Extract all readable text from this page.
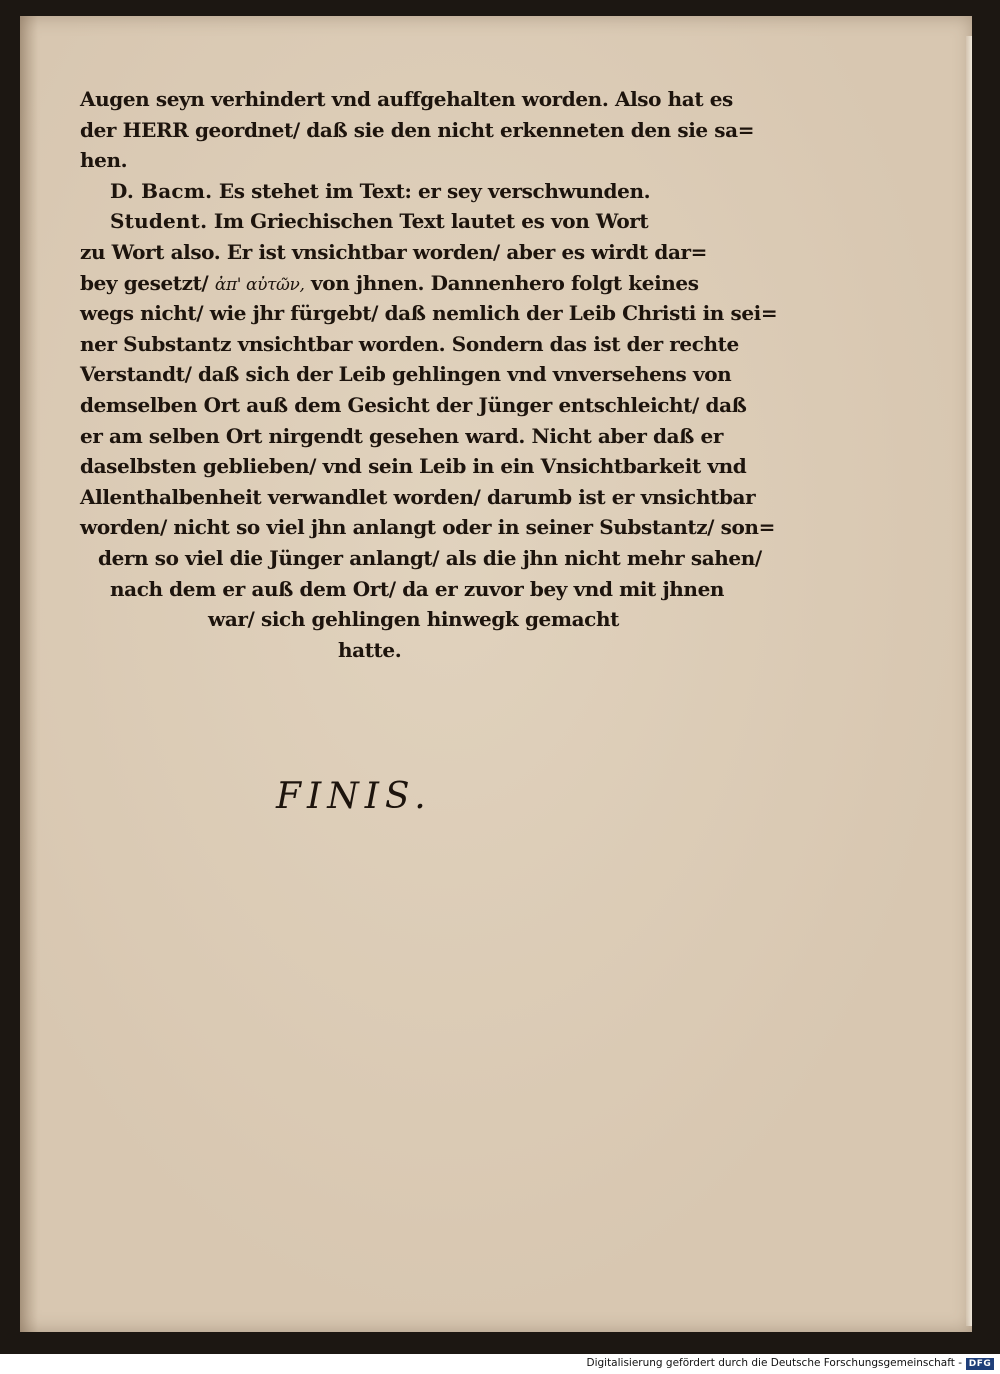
Augen seyn verhindert vnd auffgehalten worden. Also hat es
der HERR geordnet/ daß sie den nicht erkenneten den sie sa=
hen.
D. Bacm. Es stehet im Text: er sey verschwunden.
Student. Im Griechischen Text lautet es von Wort
zu Wort also. Er ist vnsichtbar worden/ aber es wirdt dar=
bey gesetzt/ ἀπ' αὐτῶν, von jhnen. Dannenhero folgt keines
wegs nicht/ wie jhr fürgebt/ daß nemlich der Leib Christi in sei=
ner Substantz vnsichtbar worden. Sondern das ist der rechte
Verstandt/ daß sich der Leib gehlingen vnd vnversehens von
demselben Ort auß dem Gesicht der Jünger entschleicht/ daß
er am selben Ort nirgendt gesehen ward. Nicht aber daß er
daselbsten geblieben/ vnd sein Leib in ein Vnsichtbarkeit vnd
Allenthalbenheit verwandlet worden/ darumb ist er vnsichtbar
worden/ nicht so viel jhn anlangt oder in seiner Substantz/ son=
dern so viel die Jünger anlangt/ als die jhn nicht mehr sahen/
nach dem er auß dem Ort/ da er zuvor bey vnd mit jhnen
war/ sich gehlingen hinwegk gemacht
hatte.
FINIS.
Digitalisierung gefördert durch die Deutsche Forschungsgemeinschaft - DFG
